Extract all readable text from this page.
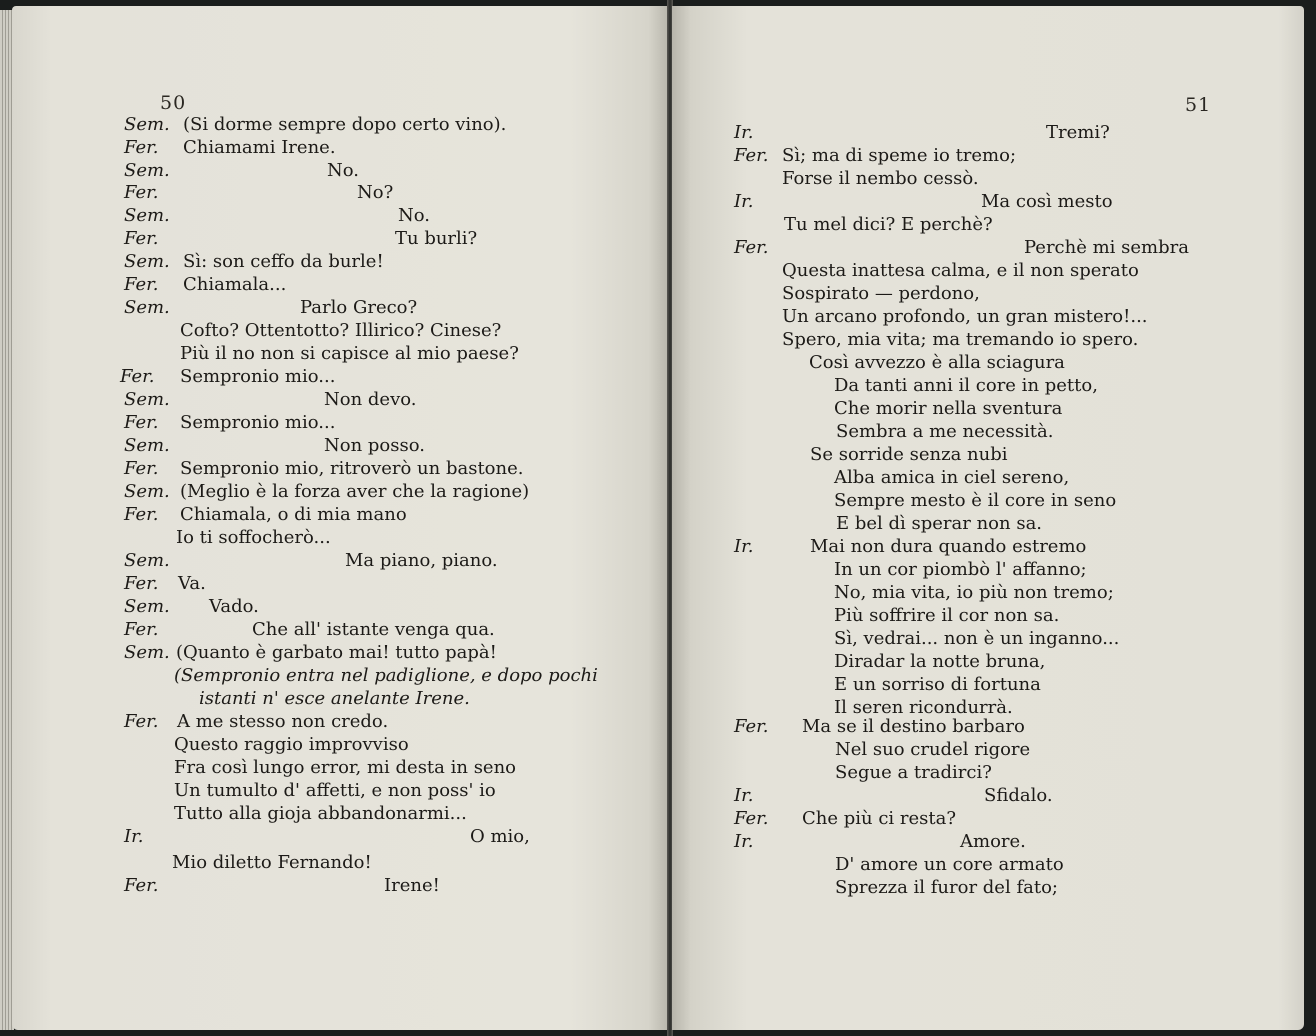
50
Sem. (Si dorme sempre dopo certo vino).
Fer. Chiamami Irene.
Sem.	No.
Fer.	No?
Sem.	No.
Fer.	Tu burli?
Sem. Sì: son ceffo da burle!
Fer. Chiamala...
Sem.	Parlo Greco?
Cofto? Ottentotto? Illirico? Cinese?
Più il no non si capisce al mio paese?
Fer. Sempronio mio...
Sem.	Non devo.
Fer. Sempronio mio...
Sem.	Non posso.
Fer. Sempronio mio, ritroverò un bastone.
Sem. (Meglio è la forza aver che la ragione)
Fer. Chiamala, o di mia mano
Io ti soffocherò...
Sem.	Ma piano, piano.
Fer. Va.
Sem. Vado.
Fer.	Che all' istante venga qua.
Sem. (Quanto è garbato mai! tutto papà!
(Sempronio entra nel padiglione, e dopo pochi
istanti n' esce anelante Irene.
Fer. A me stesso non credo.
Questo raggio improvviso
Fra così lungo error, mi desta in seno
Un tumulto d' affetti, e non poss' io
Tutto alla gioja abbandonarmi...
Ir.	O mio,
Mio diletto Fernando!
Fer.	Irene!
51
Ir.	Tremi?
Fer. Sì; ma di speme io tremo;
Forse il nembo cessò.
Ir.	Ma così mesto
Tu mel dici? E perchè?
Fer.	Perchè mi sembra
Questa inattesa calma, e il non sperato
Sospirato — perdono,
Un arcano profondo, un gran mistero!...
Spero, mia vita; ma tremando io spero.
Così avvezzo è alla sciagura
Da tanti anni il core in petto,
Che morir nella sventura
Sembra a me necessità.
Se sorride senza nubi
Alba amica in ciel sereno,
Sempre mesto è il core in seno
E bel dì sperar non sa.
Ir.	Mai non dura quando estremo
In un cor piombò l' affanno;
No, mia vita, io più non tremo;
Più soffrire il cor non sa.
Sì, vedrai... non è un inganno...
Diradar la notte bruna,
E un sorriso di fortuna
Il seren ricondurrà.
Fer. Ma se il destino barbaro
Nel suo crudel rigore
Segue a tradirci?
Ir.	Sfidalo.
Fer. Che più ci resta?
Ir.	Amore.
D' amore un core armato
Sprezza il furor del fato;
